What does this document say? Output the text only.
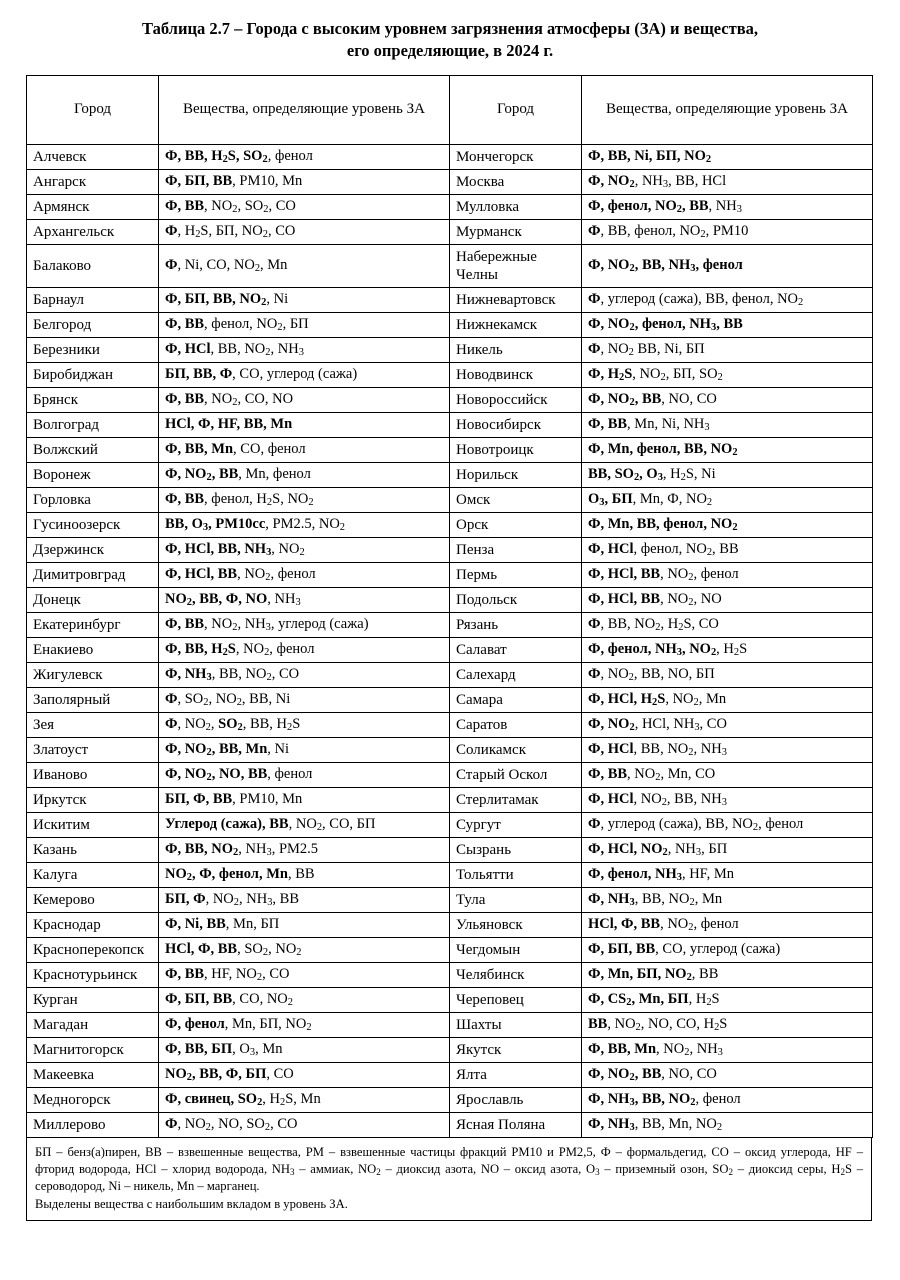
Таблица 2.7 – Города с высоким уровнем загрязнения атмосферы (ЗА) и вещества,
его определяющие, в 2024 г.
Город	Вещества, определяющие уровень ЗА	Город	Вещества, определяющие уровень ЗА
Алчевск	Ф, ВВ, $H_2S$, $SO_2$, фенол	Мончегорск	Ф, ВВ, Ni, БП, $NO_2$
Ангарск	Ф, БП, ВВ, РМ10, Mn	Москва	Ф, $NO_2$, $NH_3$, ВВ, HCl
Армянск	Ф, ВВ, $NO_2$, $SO_2$, CO	Мулловка	Ф, фенол, $NO_2$, ВВ, $NH_3$
Архангельск	Ф, $H_2S$, БП, $NO_2$, CO	Мурманск	Ф, ВВ, фенол, $NO_2$, РМ10
Балаково	Ф, Ni, CO, $NO_2$, Mn	Набережные Челны	Ф, $NO_2$, ВВ, $NH_3$, фенол
Барнаул	Ф, БП, ВВ, $NO_2$, Ni	Нижневартовск	Ф, углерод (сажа), ВВ, фенол, $NO_2$
Белгород	Ф, ВВ, фенол, $NO_2$, БП	Нижнекамск	Ф, $NO_2$, фенол, $NH_3$, ВВ
Березники	Ф, HCl, ВВ, $NO_2$, $NH_3$	Никель	Ф, $NO_2$ ВВ, Ni, БП
Биробиджан	БП, ВВ, Ф, CO, углерод (сажа)	Новодвинск	Ф, $H_2S$, $NO_2$, БП, $SO_2$
Брянск	Ф, ВВ, $NO_2$, CO, NO	Новороссийск	Ф, $NO_2$, ВВ, NO, CO
Волгоград	HCl, Ф, HF, ВВ, Mn	Новосибирск	Ф, ВВ, Mn, Ni, $NH_3$
Волжский	Ф, ВВ, Mn, CO, фенол	Новотроицк	Ф, Mn, фенол, ВВ, $NO_2$
Воронеж	Ф, $NO_2$, ВВ, Mn, фенол	Норильск	ВВ, $SO_2$, $O_3$, $H_2S$, Ni
Горловка	Ф, ВВ, фенол, $H_2S$, $NO_2$	Омск	$O_3$, БП, Mn, Ф, $NO_2$
Гусиноозерск	ВВ, $O_3$, PM10сс, PM2.5, $NO_2$	Орск	Ф, Mn, ВВ, фенол, $NO_2$
Дзержинск	Ф, HCl, ВВ, $NH_3$, $NO_2$	Пенза	Ф, HCl, фенол, $NO_2$, ВВ
Димитровград	Ф, HCl, ВВ, $NO_2$, фенол	Пермь	Ф, HCl, ВВ, $NO_2$, фенол
Донецк	$NO_2$, ВВ, Ф, NO, $NH_3$	Подольск	Ф, HCl, ВВ, $NO_2$, NO
Екатеринбург	Ф, ВВ, $NO_2$, $NH_3$, углерод (сажа)	Рязань	Ф, ВВ, $NO_2$, $H_2S$, CO
Енакиево	Ф, ВВ, $H_2S$, $NO_2$, фенол	Салават	Ф, фенол, $NH_3$, $NO_2$, $H_2S$
Жигулевск	Ф, $NH_3$, ВВ, $NO_2$, CO	Салехард	Ф, $NO_2$, ВВ, NO, БП
Заполярный	Ф, $SO_2$, $NO_2$, ВВ, Ni	Самара	Ф, HCl, $H_2S$, $NO_2$, Mn
Зея	Ф, $NO_2$, $SO_2$, ВВ, $H_2S$	Саратов	Ф, $NO_2$, HCl, $NH_3$, CO
Златоуст	Ф, $NO_2$, ВВ, Mn, Ni	Соликамск	Ф, HCl, ВВ, $NO_2$, $NH_3$
Иваново	Ф, $NO_2$, NO, ВВ, фенол	Старый Оскол	Ф, ВВ, $NO_2$, Mn, CO
Иркутск	БП, Ф, ВВ, РМ10, Mn	Стерлитамак	Ф, HCl, $NO_2$, ВВ, $NH_3$
Искитим	Углерод (сажа), ВВ, $NO_2$, CO, БП	Сургут	Ф, углерод (сажа), ВВ, $NO_2$, фенол
Казань	Ф, ВВ, $NO_2$, $NH_3$, PM2.5	Сызрань	Ф, HCl, $NO_2$, $NH_3$, БП
Калуга	$NO_2$, Ф, фенол, Mn, ВВ	Тольятти	Ф, фенол, $NH_3$, HF, Mn
Кемерово	БП, Ф, $NO_2$, $NH_3$, ВВ	Тула	Ф, $NH_3$, ВВ, $NO_2$, Mn
Краснодар	Ф, Ni, ВВ, Mn, БП	Ульяновск	HCl, Ф, ВВ, $NO_2$, фенол
Красноперекопск	HCl, Ф, ВВ, $SO_2$, $NO_2$	Чегдомын	Ф, БП, ВВ, CO, углерод (сажа)
Краснотурьинск	Ф, ВВ, HF, $NO_2$, CO	Челябинск	Ф, Mn, БП, $NO_2$, ВВ
Курган	Ф, БП, ВВ, CO, $NO_2$	Череповец	Ф, $CS_2$, Mn, БП, $H_2S$
Магадан	Ф, фенол, Mn, БП, $NO_2$	Шахты	ВВ, $NO_2$, NO, CO, $H_2S$
Магнитогорск	Ф, ВВ, БП, $O_3$, Mn	Якутск	Ф, ВВ, Mn, $NO_2$, $NH_3$
Макеевка	$NO_2$, ВВ, Ф, БП, CO	Ялта	Ф, $NO_2$, ВВ, NO, CO
Медногорск	Ф, свинец, $SO_2$, $H_2S$, Mn	Ярославль	Ф, $NH_3$, ВВ, $NO_2$, фенол
Миллерово	Ф, $NO_2$, NO, $SO_2$, CO	Ясная Поляна	Ф, $NH_3$, ВВ, Mn, $NO_2$

БП – бенз(а)пирен, ВВ – взвешенные вещества, РМ – взвешенные частицы фракций РМ10 и РМ2,5, Ф – формальдегид, СО – оксид углерода, HF – фторид водорода, HCl – хлорид водорода, $NH_3$ – аммиак, $NO_2$ – диоксид азота, NO – оксид азота, $O_3$ – приземный озон, $SO_2$ – диоксид серы, $H_2S$ – сероводород, Ni – никель, Mn – марганец.

Выделены вещества с наибольшим вкладом в уровень ЗА.
